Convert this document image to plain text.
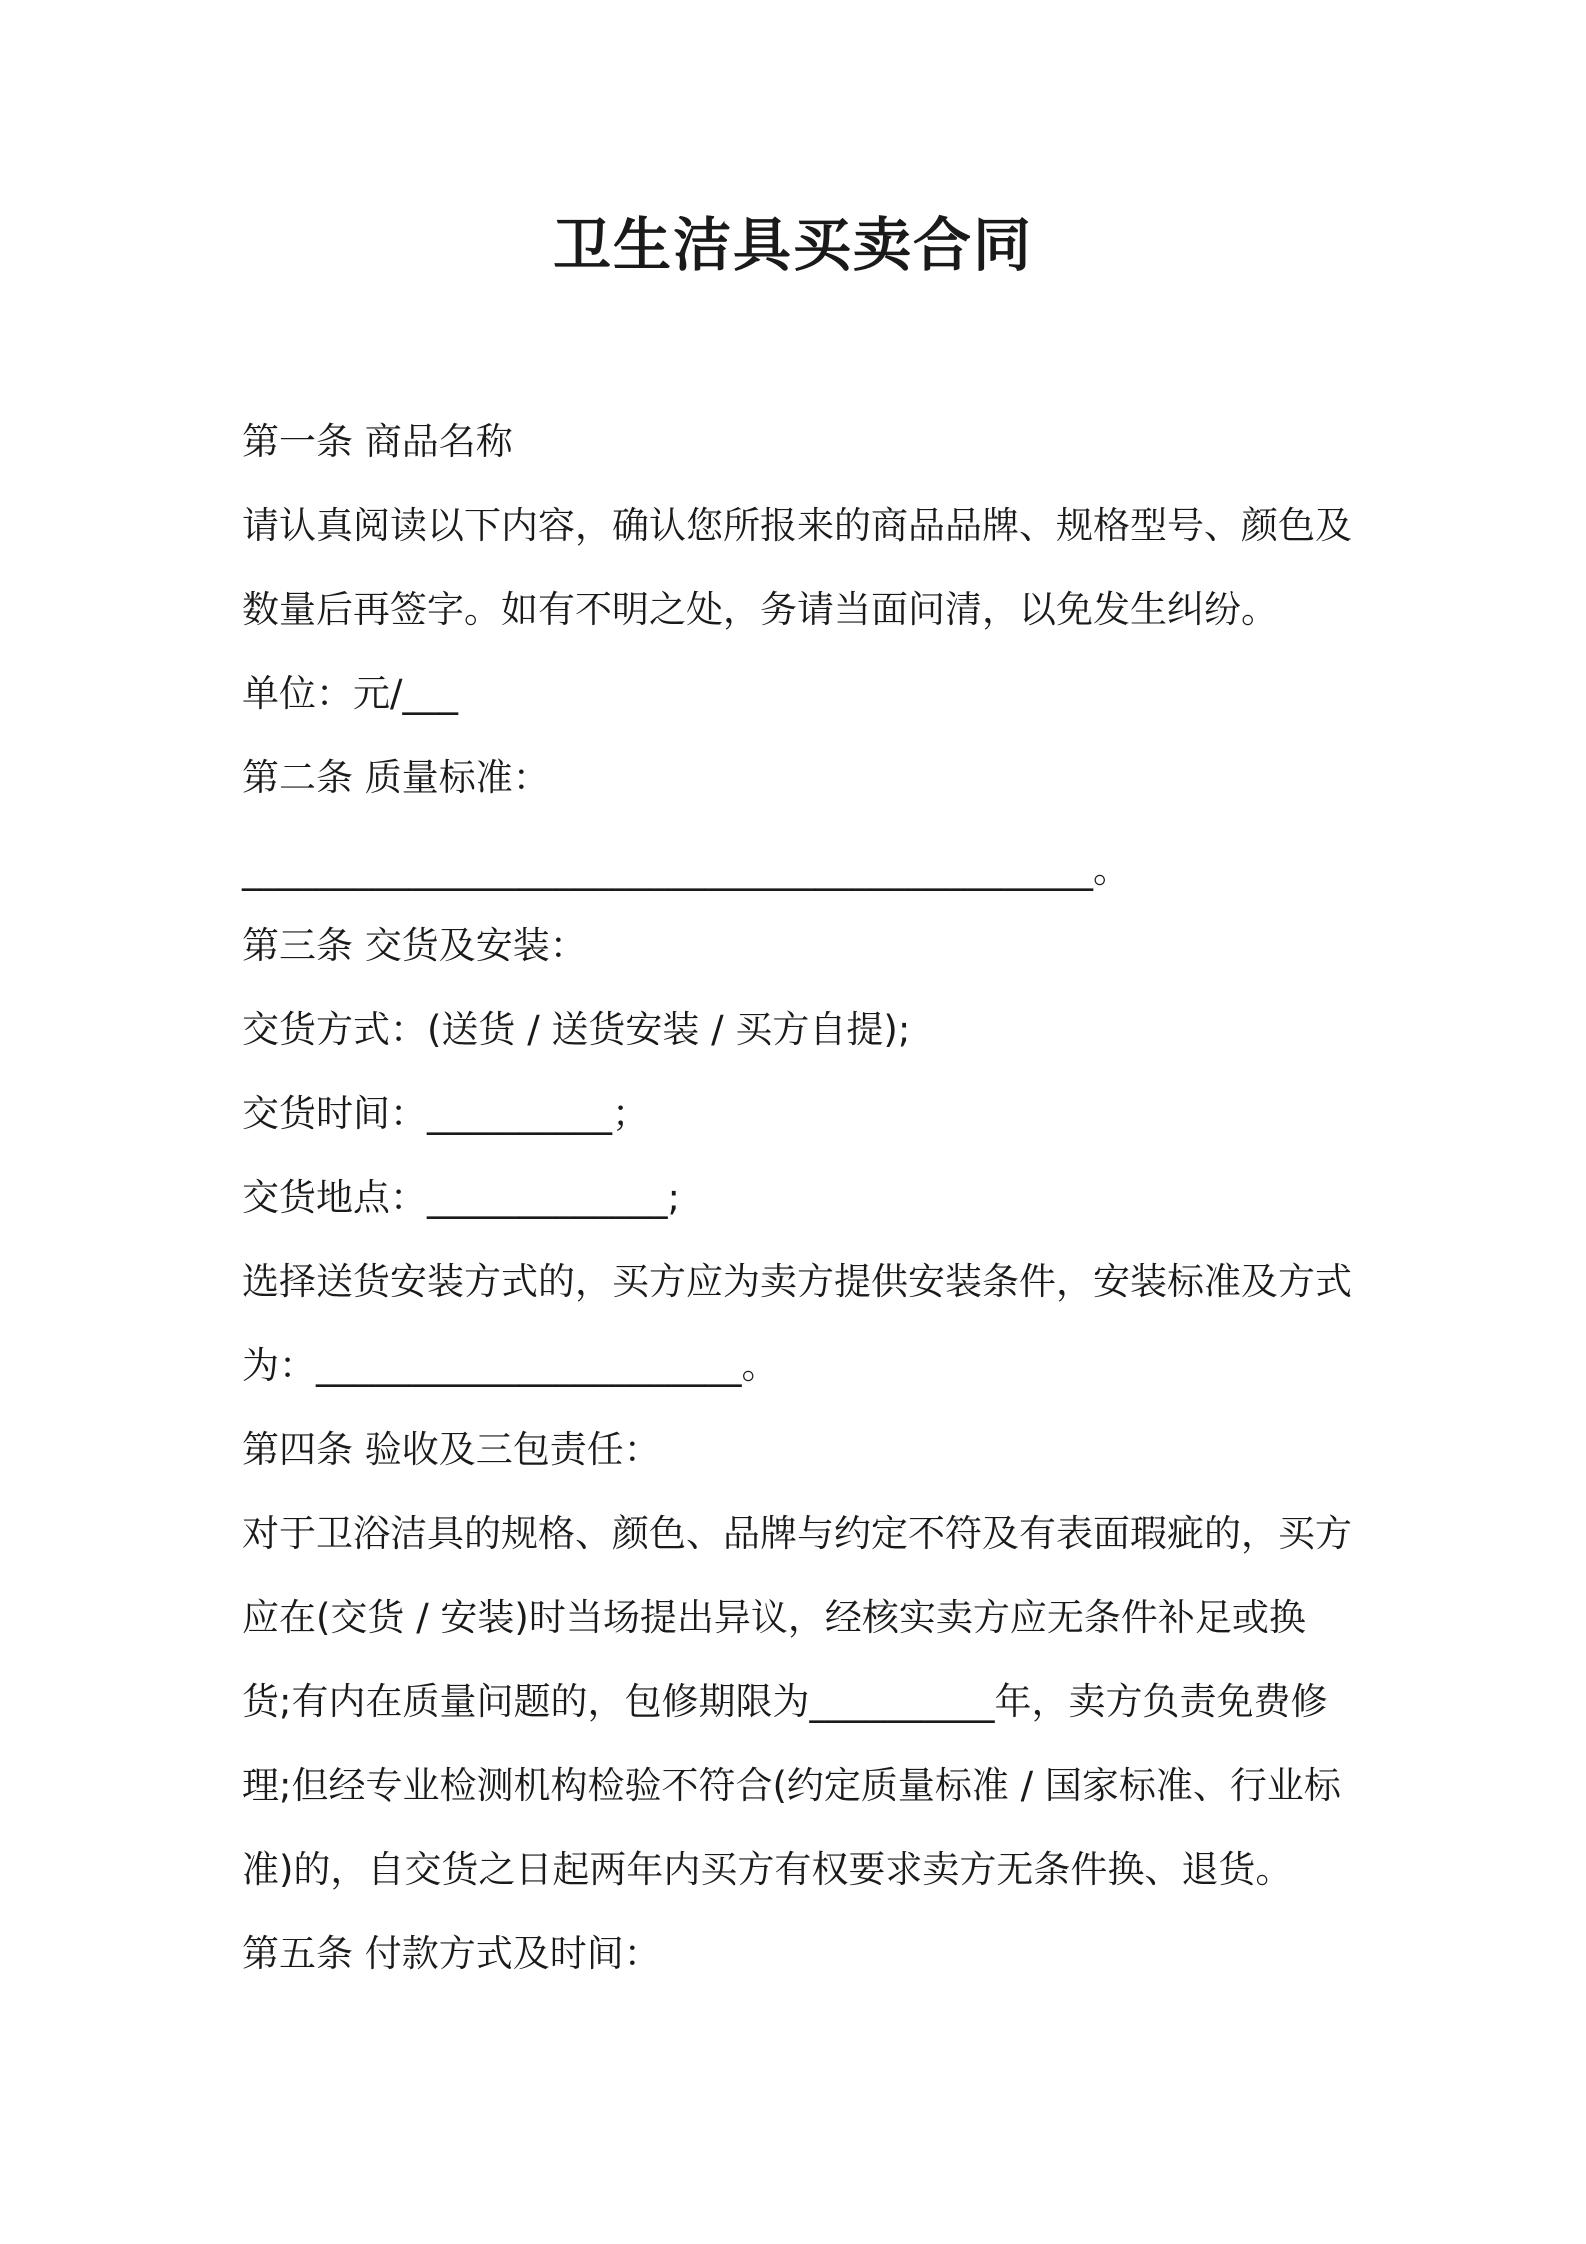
卫生洁具买卖合同
第一条 商品名称
请认真阅读以下内容，确认您所报来的商品品牌、规格型号、颜色及
数量后再签字。如有不明之处，务请当面问清，以免发生纠纷。
单位：元/___
第二条 质量标准：
______________________________________________。
第三条 交货及安装：
交货方式：(送货 / 送货安装 / 买方自提);
交货时间：__________；
交货地点：_____________;
选择送货安装方式的，买方应为卖方提供安装条件，安装标准及方式
为：_______________________。
第四条 验收及三包责任：
对于卫浴洁具的规格、颜色、品牌与约定不符及有表面瑕疵的，买方
应在(交货 / 安装)时当场提出异议，经核实卖方应无条件补足或换
货;有内在质量问题的，包修期限为__________年，卖方负责免费修
理;但经专业检测机构检验不符合(约定质量标准 / 国家标准、行业标
准)的，自交货之日起两年内买方有权要求卖方无条件换、退货。
第五条 付款方式及时间：
